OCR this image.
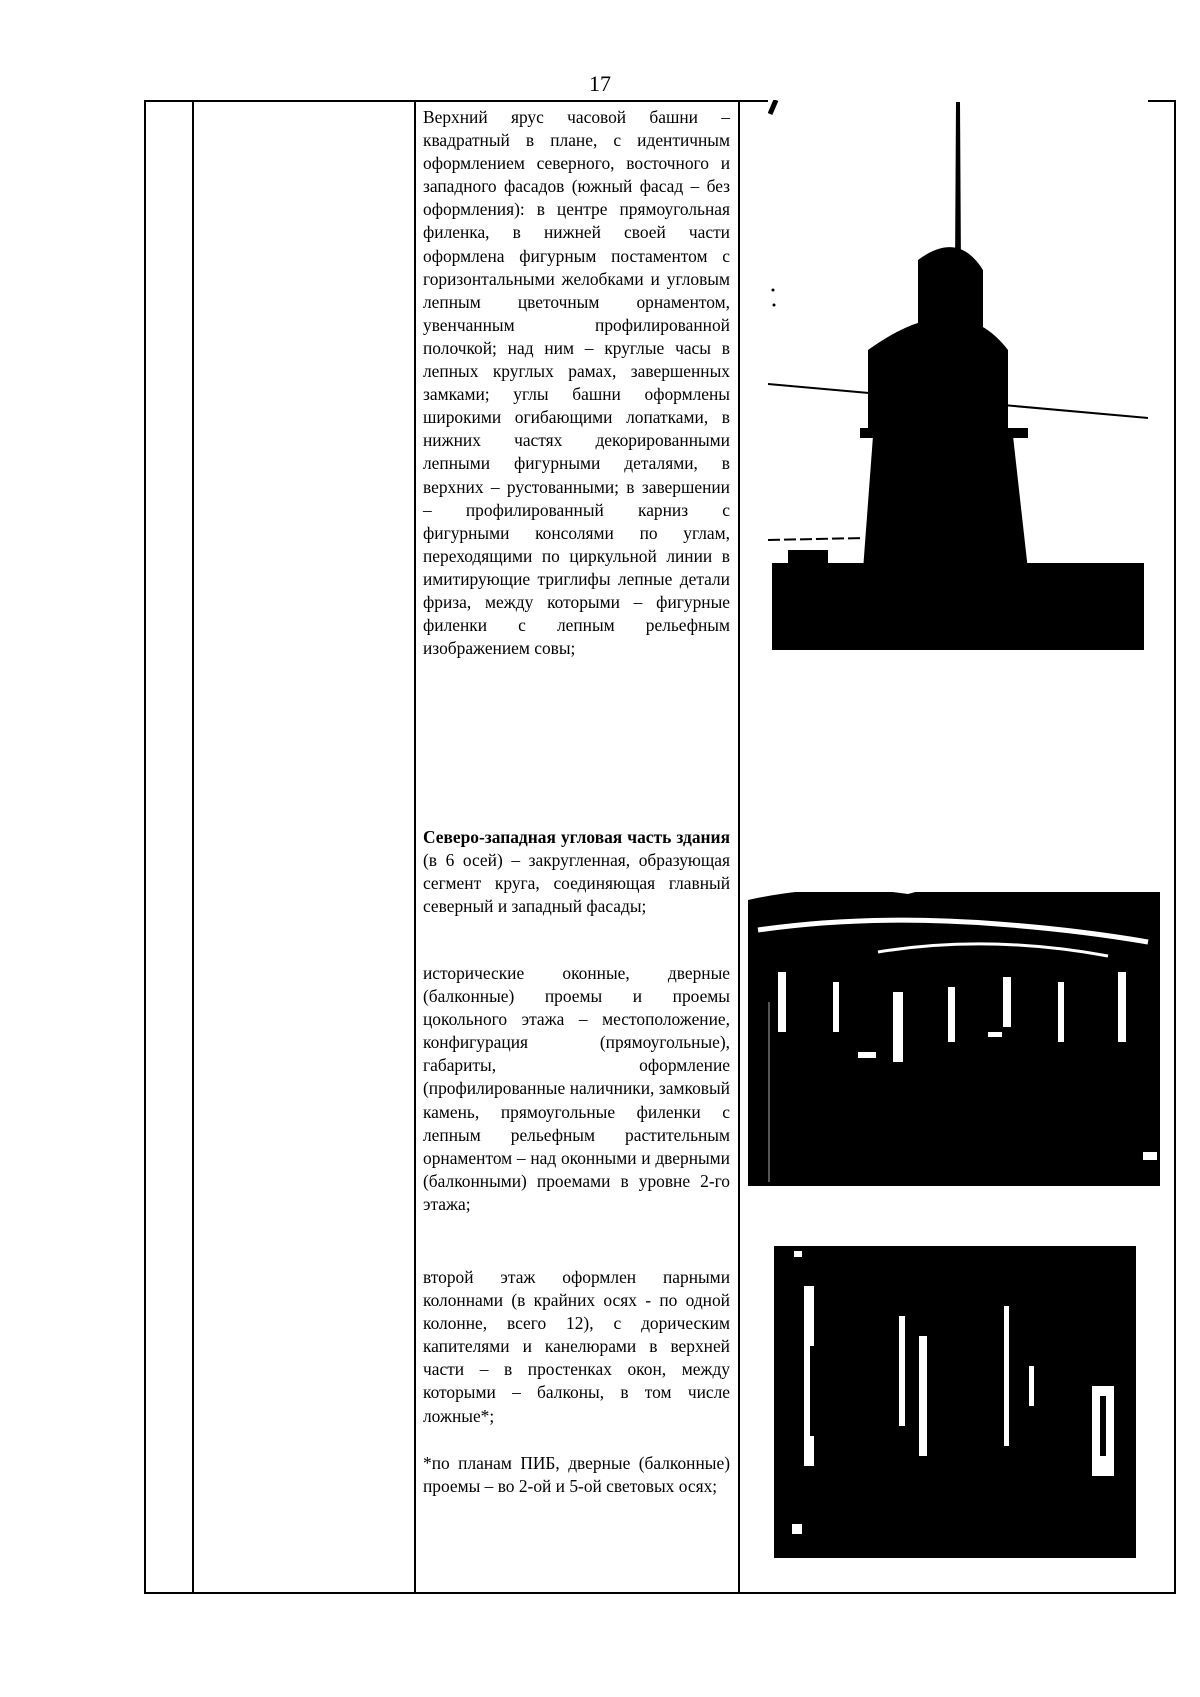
17

Верхний ярус часовой башни – квадратный в плане, с идентичным оформлением северного, восточного и западного фасадов (южный фасад – без оформления): в центре прямоугольная филенка, в нижней своей части оформлена фигурным постаментом с горизонтальными желобками и угловым лепным цветочным орнаментом, увенчанным профилированной полочкой; над ним – круглые часы в лепных круглых рамах, завершенных замками; углы башни оформлены широкими огибающими лопатками, в нижних частях декорированными лепными фигурными деталями, в верхних – рустованными; в завершении – профилированный карниз с фигурными консолями по углам, переходящими по циркульной линии в имитирующие триглифы лепные детали фриза, между которыми – фигурные филенки с лепным рельефным изображением совы;

Северо-западная угловая часть здания (в 6 осей) – закругленная, образующая сегмент круга, соединяющая главный северный и западный фасады;

исторические оконные, дверные (балконные) проемы и проемы цокольного этажа – местоположение, конфигурация (прямоугольные), габариты, оформление (профилированные наличники, замковый камень, прямоугольные филенки с лепным рельефным растительным орнаментом – над оконными и дверными (балконными) проемами в уровне 2-го этажа;

второй этаж оформлен парными колоннами (в крайних осях - по одной колонне, всего 12), с дорическим капителями и канелюрами в верхней части – в простенках окон, между которыми – балконы, в том числе ложные*;

*по планам ПИБ, дверные (балконные) проемы – во 2-ой и 5-ой световых осях;
